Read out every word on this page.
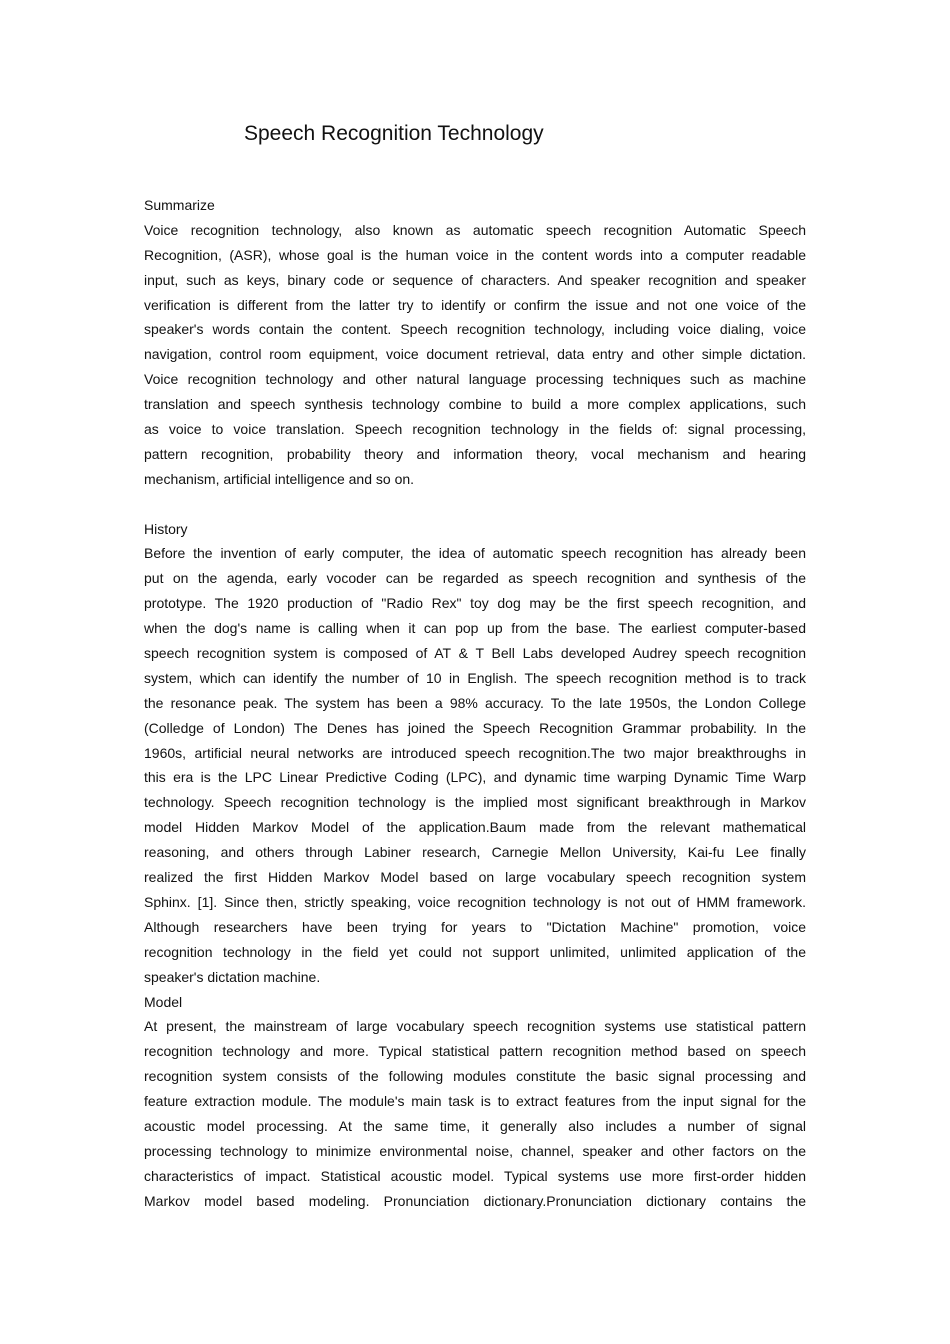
Speech Recognition Technology
Summarize
Voice recognition technology, also known as automatic speech recognition Automatic Speech
Recognition, (ASR), whose goal is the human voice in the content words into a computer readable
input, such as keys, binary code or sequence of characters. And speaker recognition and speaker
verification is different from the latter try to identify or confirm the issue and not one voice of the
speaker's words contain the content. Speech recognition technology, including voice dialing, voice
navigation, control room equipment, voice document retrieval, data entry and other simple dictation.
Voice recognition technology and other natural language processing techniques such as machine
translation and speech synthesis technology combine to build a more complex applications, such
as voice to voice translation. Speech recognition technology in the fields of: signal processing,
pattern recognition, probability theory and information theory, vocal mechanism and hearing
mechanism, artificial intelligence and so on.
History
Before the invention of early computer, the idea of automatic speech recognition has already been
put on the agenda, early vocoder can be regarded as speech recognition and synthesis of the
prototype. The 1920 production of "Radio Rex" toy dog may be the first speech recognition, and
when the dog's name is calling when it can pop up from the base. The earliest computer-based
speech recognition system is composed of AT & T Bell Labs developed Audrey speech recognition
system, which can identify the number of 10 in English. The speech recognition method is to track
the resonance peak. The system has been a 98% accuracy. To the late 1950s, the London College
(Colledge of London) The Denes has joined the Speech Recognition Grammar probability. In the
1960s, artificial neural networks are introduced speech recognition.The two major breakthroughs in
this era is the LPC Linear Predictive Coding (LPC), and dynamic time warping Dynamic Time Warp
technology. Speech recognition technology is the implied most significant breakthrough in Markov
model Hidden Markov Model of the application.Baum made from the relevant mathematical
reasoning, and others through Labiner research, Carnegie Mellon University, Kai-fu Lee finally
realized the first Hidden Markov Model based on large vocabulary speech recognition system
Sphinx. [1]. Since then, strictly speaking, voice recognition technology is not out of HMM framework.
Although researchers have been trying for years to "Dictation Machine" promotion, voice
recognition technology in the field yet could not support unlimited, unlimited application of the
speaker's dictation machine.
Model
At present, the mainstream of large vocabulary speech recognition systems use statistical pattern
recognition technology and more. Typical statistical pattern recognition method based on speech
recognition system consists of the following modules constitute the basic signal processing and
feature extraction module. The module's main task is to extract features from the input signal for the
acoustic model processing. At the same time, it generally also includes a number of signal
processing technology to minimize environmental noise, channel, speaker and other factors on the
characteristics of impact. Statistical acoustic model. Typical systems use more first-order hidden
Markov model based modeling. Pronunciation dictionary.Pronunciation dictionary contains the
